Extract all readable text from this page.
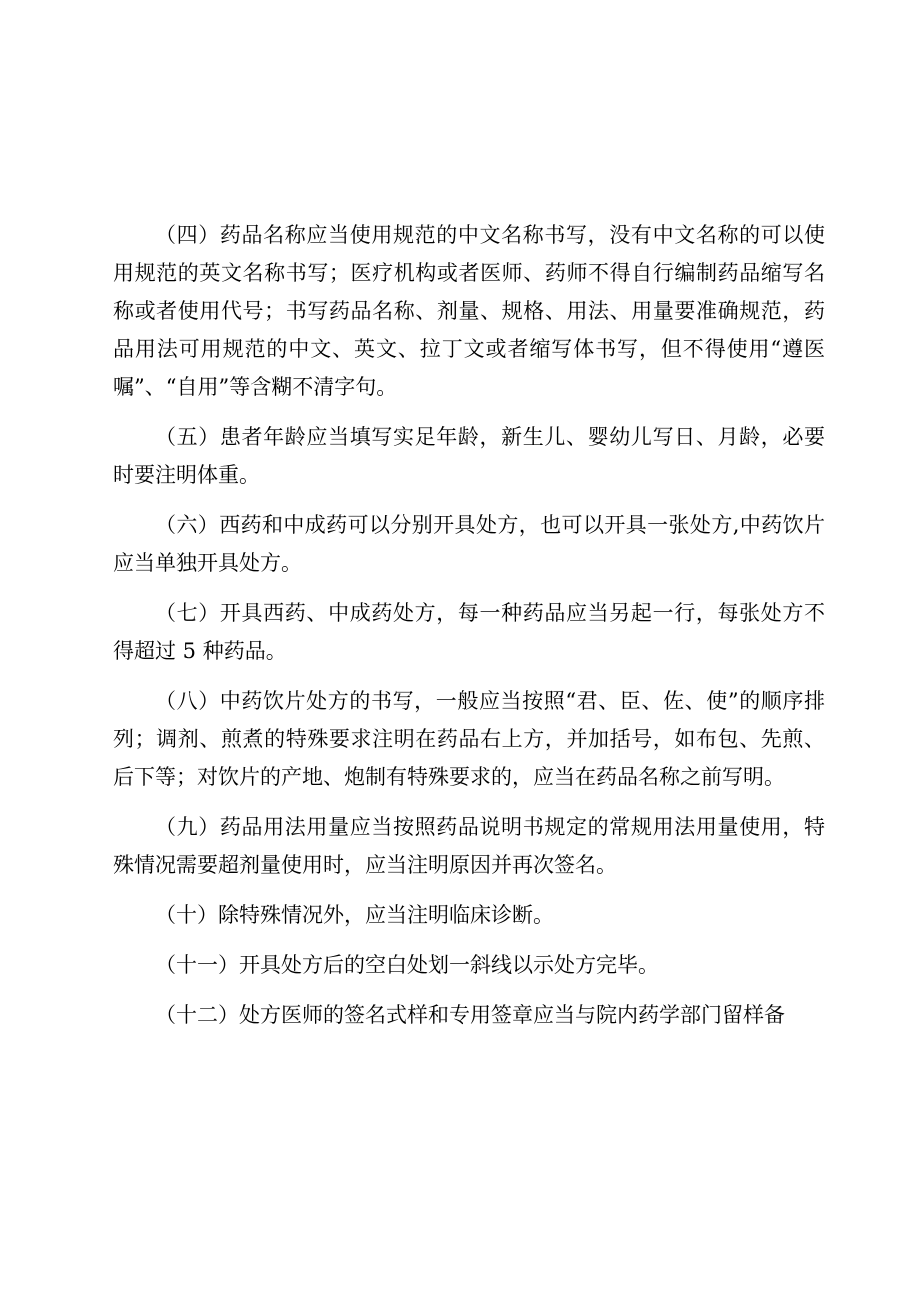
（四）药品名称应当使用规范的中文名称书写，没有中文名称的可以使用规范的英文名称书写；医疗机构或者医师、药师不得自行编制药品缩写名称或者使用代号；书写药品名称、剂量、规格、用法、用量要准确规范，药品用法可用规范的中文、英文、拉丁文或者缩写体书写，但不得使用“遵医嘱”、“自用”等含糊不清字句。

（五）患者年龄应当填写实足年龄，新生儿、婴幼儿写日、月龄，必要时要注明体重。

（六）西药和中成药可以分别开具处方，也可以开具一张处方,中药饮片应当单独开具处方。

（七）开具西药、中成药处方，每一种药品应当另起一行，每张处方不得超过 5 种药品。

（八）中药饮片处方的书写，一般应当按照“君、臣、佐、使”的顺序排列；调剂、煎煮的特殊要求注明在药品右上方，并加括号，如布包、先煎、后下等；对饮片的产地、炮制有特殊要求的，应当在药品名称之前写明。

（九）药品用法用量应当按照药品说明书规定的常规用法用量使用，特殊情况需要超剂量使用时，应当注明原因并再次签名。

（十）除特殊情况外，应当注明临床诊断。

（十一）开具处方后的空白处划一斜线以示处方完毕。

（十二）处方医师的签名式样和专用签章应当与院内药学部门留样备
